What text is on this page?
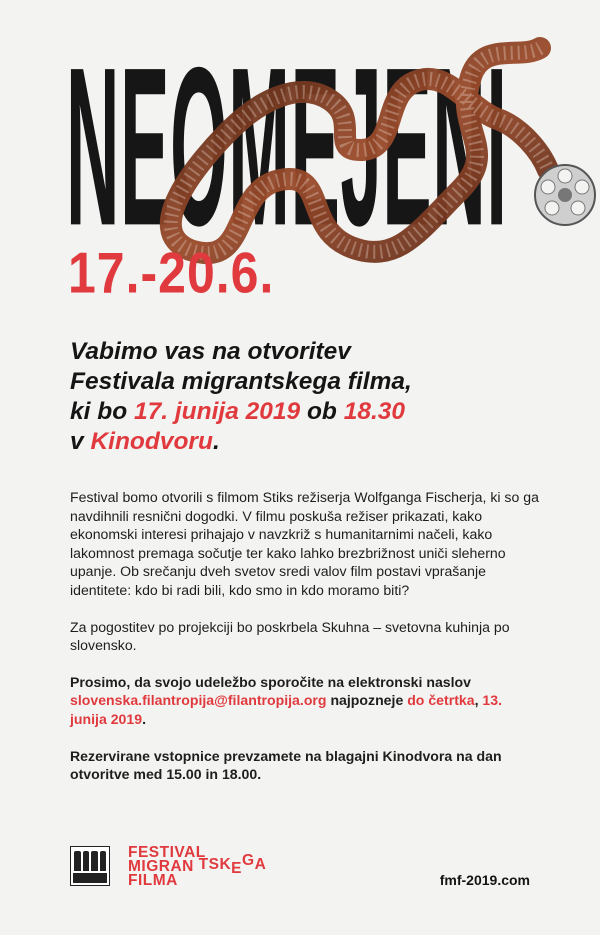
N E O M E J E N I
17.-20.6.
Vabimo vas na otvoritev
Festivala migrantskega filma,
ki bo 17. junija 2019 ob 18.30
v Kinodvoru.

Festival bomo otvorili s filmom Stiks režiserja Wolfganga Fischerja, ki so ga navdihnili resnični dogodki. V filmu poskuša režiser prikazati, kako ekonomski interesi prihajajo v navzkriž s humanitarnimi načeli, kako lakomnost premaga sočutje ter kako lahko brezbrižnost uniči slehernо upanje. Ob srečanju dveh svetov sredi valov film postavi vprašanje identitete: kdo bi radi bili, kdo smo in kdo moramo biti?

Za pogostitev po projekciji bo poskrbela Skuhna – svetovna kuhinja po slovensko.

Prosimo, da svojo udeležbo sporočite na elektronski naslov slovenska.filantropija@filantropija.org najpozneje do četrtka, 13. junija 2019.

Rezervirane vstopnice prevzamete na blagajni Kinodvora na dan otvoritve med 15.00 in 18.00.

FESTIVAL
MIGRAN TSKEGA
FILMA	fmf-2019.com
